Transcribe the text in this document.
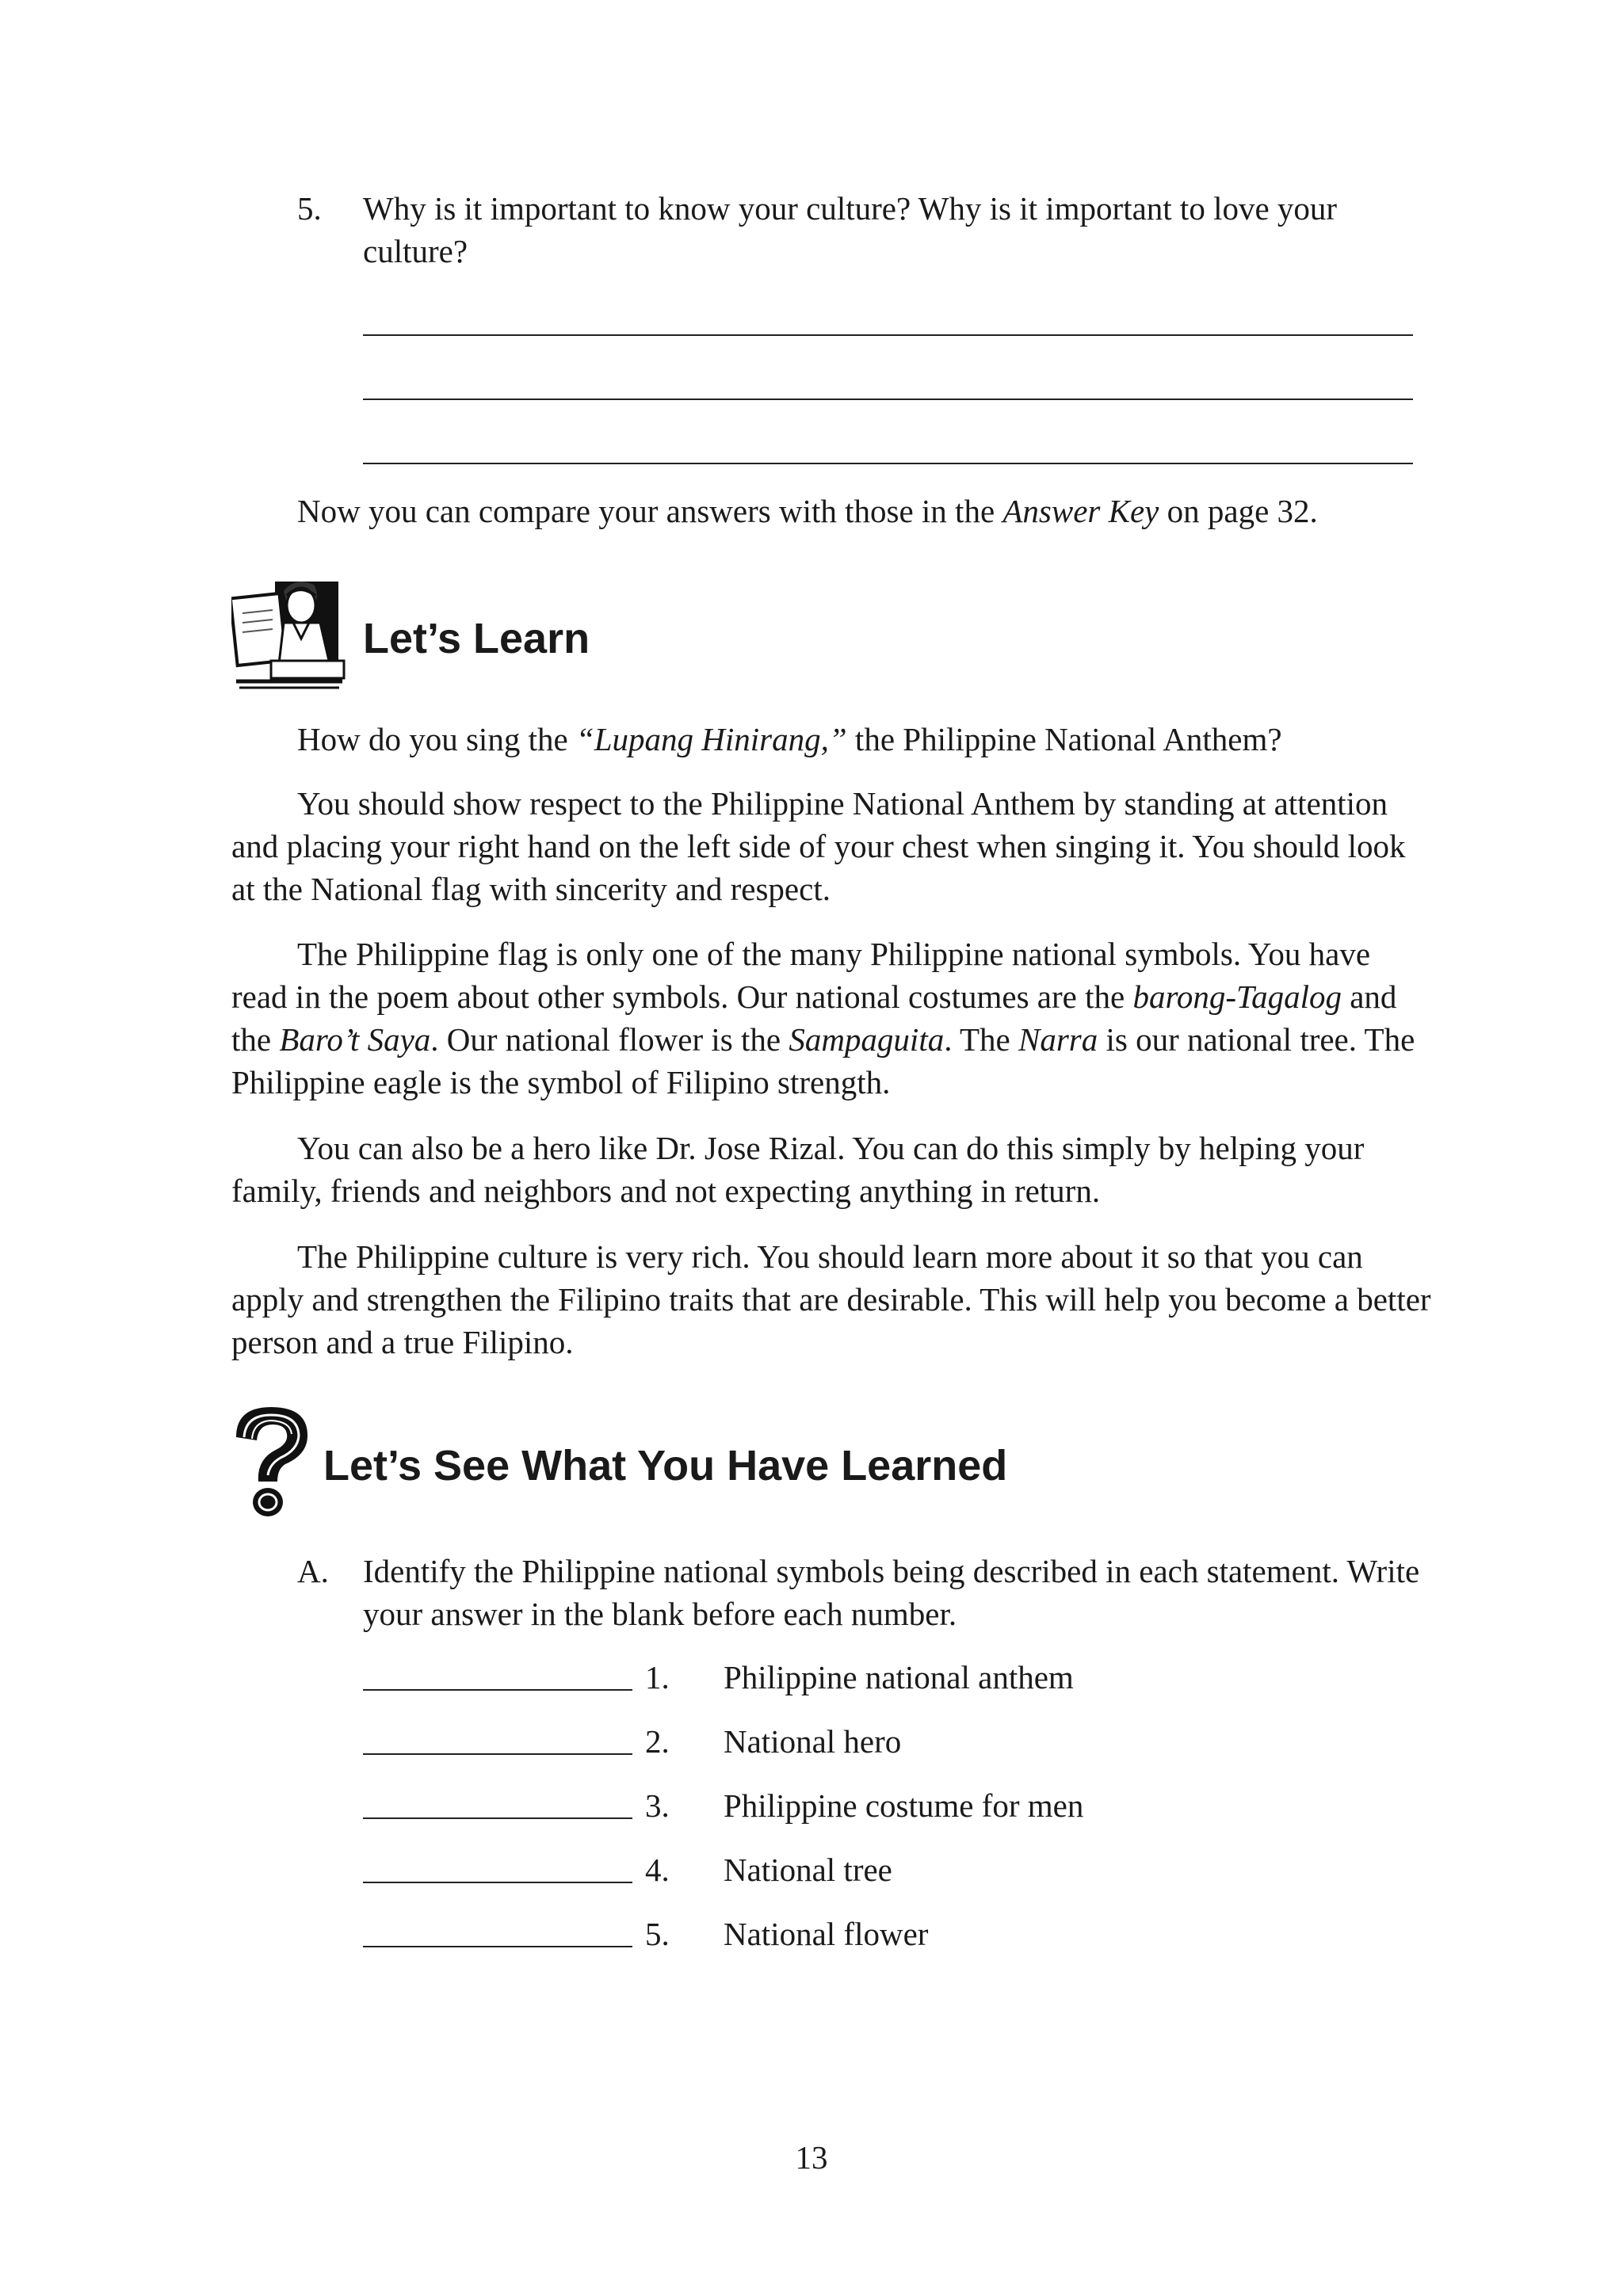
5. Why is it important to know your culture? Why is it important to love your culture?
Now you can compare your answers with those in the Answer Key on page 32.
Let’s Learn

How do you sing the “Lupang Hinirang,” the Philippine National Anthem?

You should show respect to the Philippine National Anthem by standing at attention and placing your right hand on the left side of your chest when singing it. You should look at the National flag with sincerity and respect.

The Philippine flag is only one of the many Philippine national symbols. You have read in the poem about other symbols. Our national costumes are the barong-Tagalog and the Baro’t Saya. Our national flower is the Sampaguita. The Narra is our national tree. The Philippine eagle is the symbol of Filipino strength.

You can also be a hero like Dr. Jose Rizal. You can do this simply by helping your family, friends and neighbors and not expecting anything in return.

The Philippine culture is very rich. You should learn more about it so that you can apply and strengthen the Filipino traits that are desirable. This will help you become a better person and a true Filipino.

Let’s See What You Have Learned
A. Identify the Philippine national symbols being described in each statement. Write your answer in the blank before each number.
1. Philippine national anthem
2. National hero
3. Philippine costume for men
4. National tree
5. National flower
13
